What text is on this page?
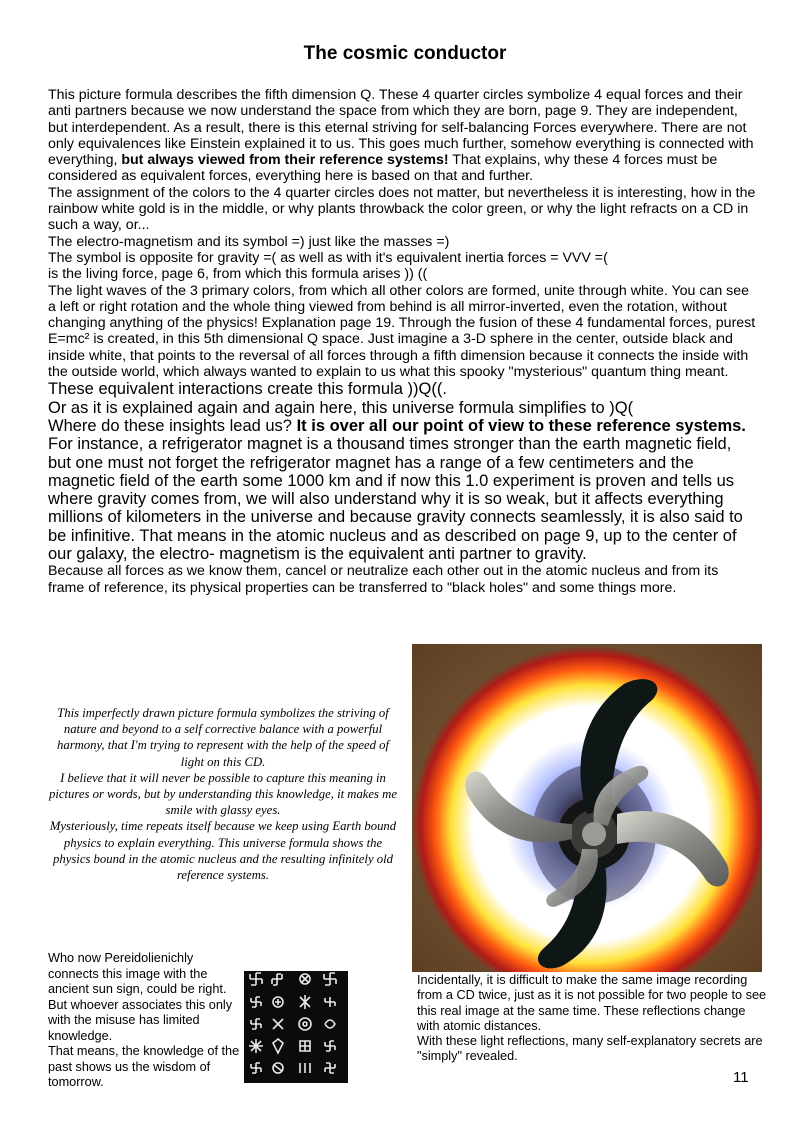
The cosmic conductor

This picture formula describes the fifth dimension Q. These 4 quarter circles symbolize 4 equal forces and their anti partners because we now understand the space from which they are born, page 9. They are independent, but interdependent. As a result, there is this eternal striving for self-balancing Forces everywhere. There are not only equivalences like Einstein explained it to us. This goes much further, somehow everything is connected with everything, but always viewed from their reference systems! That explains, why these 4 forces must be considered as equivalent forces, everything here is based on that and further.

The assignment of the colors to the 4 quarter circles does not matter, but nevertheless it is interesting, how in the rainbow white gold is in the middle, or why plants throwback the color green, or why the light refracts on a CD in such a way, or...

The electro-magnetism and its symbol =) just like the masses =)

The symbol is opposite for gravity =( as well as with it's equivalent inertia forces = VVV =(

is the living force, page 6, from which this formula arises )) ((

The light waves of the 3 primary colors, from which all other colors are formed, unite through white. You can see a left or right rotation and the whole thing viewed from behind is all mirror-inverted, even the rotation, without changing anything of the physics! Explanation page 19. Through the fusion of these 4 fundamental forces, purest E=mc² is created, in this 5th dimensional Q space. Just imagine a 3-D sphere in the center, outside black and inside white, that points to the reversal of all forces through a fifth dimension because it connects the inside with the outside world, which always wanted to explain to us what this spooky "mysterious" quantum thing meant.

These equivalent interactions create this formula ))Q((.

Or as it is explained again and again here, this universe formula simplifies to )Q(

Where do these insights lead us? It is over all our point of view to these reference systems.

For instance, a refrigerator magnet is a thousand times stronger than the earth magnetic field, but one must not forget the refrigerator magnet has a range of a few centimeters and the magnetic field of the earth some 1000 km and if now this 1.0 experiment is proven and tells us where gravity comes from, we will also understand why it is so weak, but it affects everything millions of kilometers in the universe and because gravity connects seamlessly, it is also said to be infinitive. That means in the atomic nucleus and as described on page 9, up to the center of our galaxy, the electro- magnetism is the equivalent anti partner to gravity.

Because all forces as we know them, cancel or neutralize each other out in the atomic nucleus and from its frame of reference, its physical properties can be transferred to "black holes" and some things more.

This imperfectly drawn picture formula symbolizes the striving of nature and beyond to a self corrective balance with a powerful harmony, that I'm trying to represent with the help of the speed of light on this CD.
I believe that it will never be possible to capture this meaning in pictures or words, but by understanding this knowledge, it makes me smile with glassy eyes.
Mysteriously, time repeats itself because we keep using Earth bound physics to explain everything. This universe formula shows the physics bound in the atomic nucleus and the resulting infinitely old reference systems.
Who now Pereidolienichly connects this image with the ancient sun sign, could be right. But whoever associates this only with the misuse has limited knowledge.
That means, the knowledge of the past shows us the wisdom of tomorrow.
Incidentally, it is difficult to make the same image recording from a CD twice, just as it is not possible for two people to see this real image at the same time. These reflections change with atomic distances.
With these light reflections, many self-explanatory secrets are "simply" revealed.
11
